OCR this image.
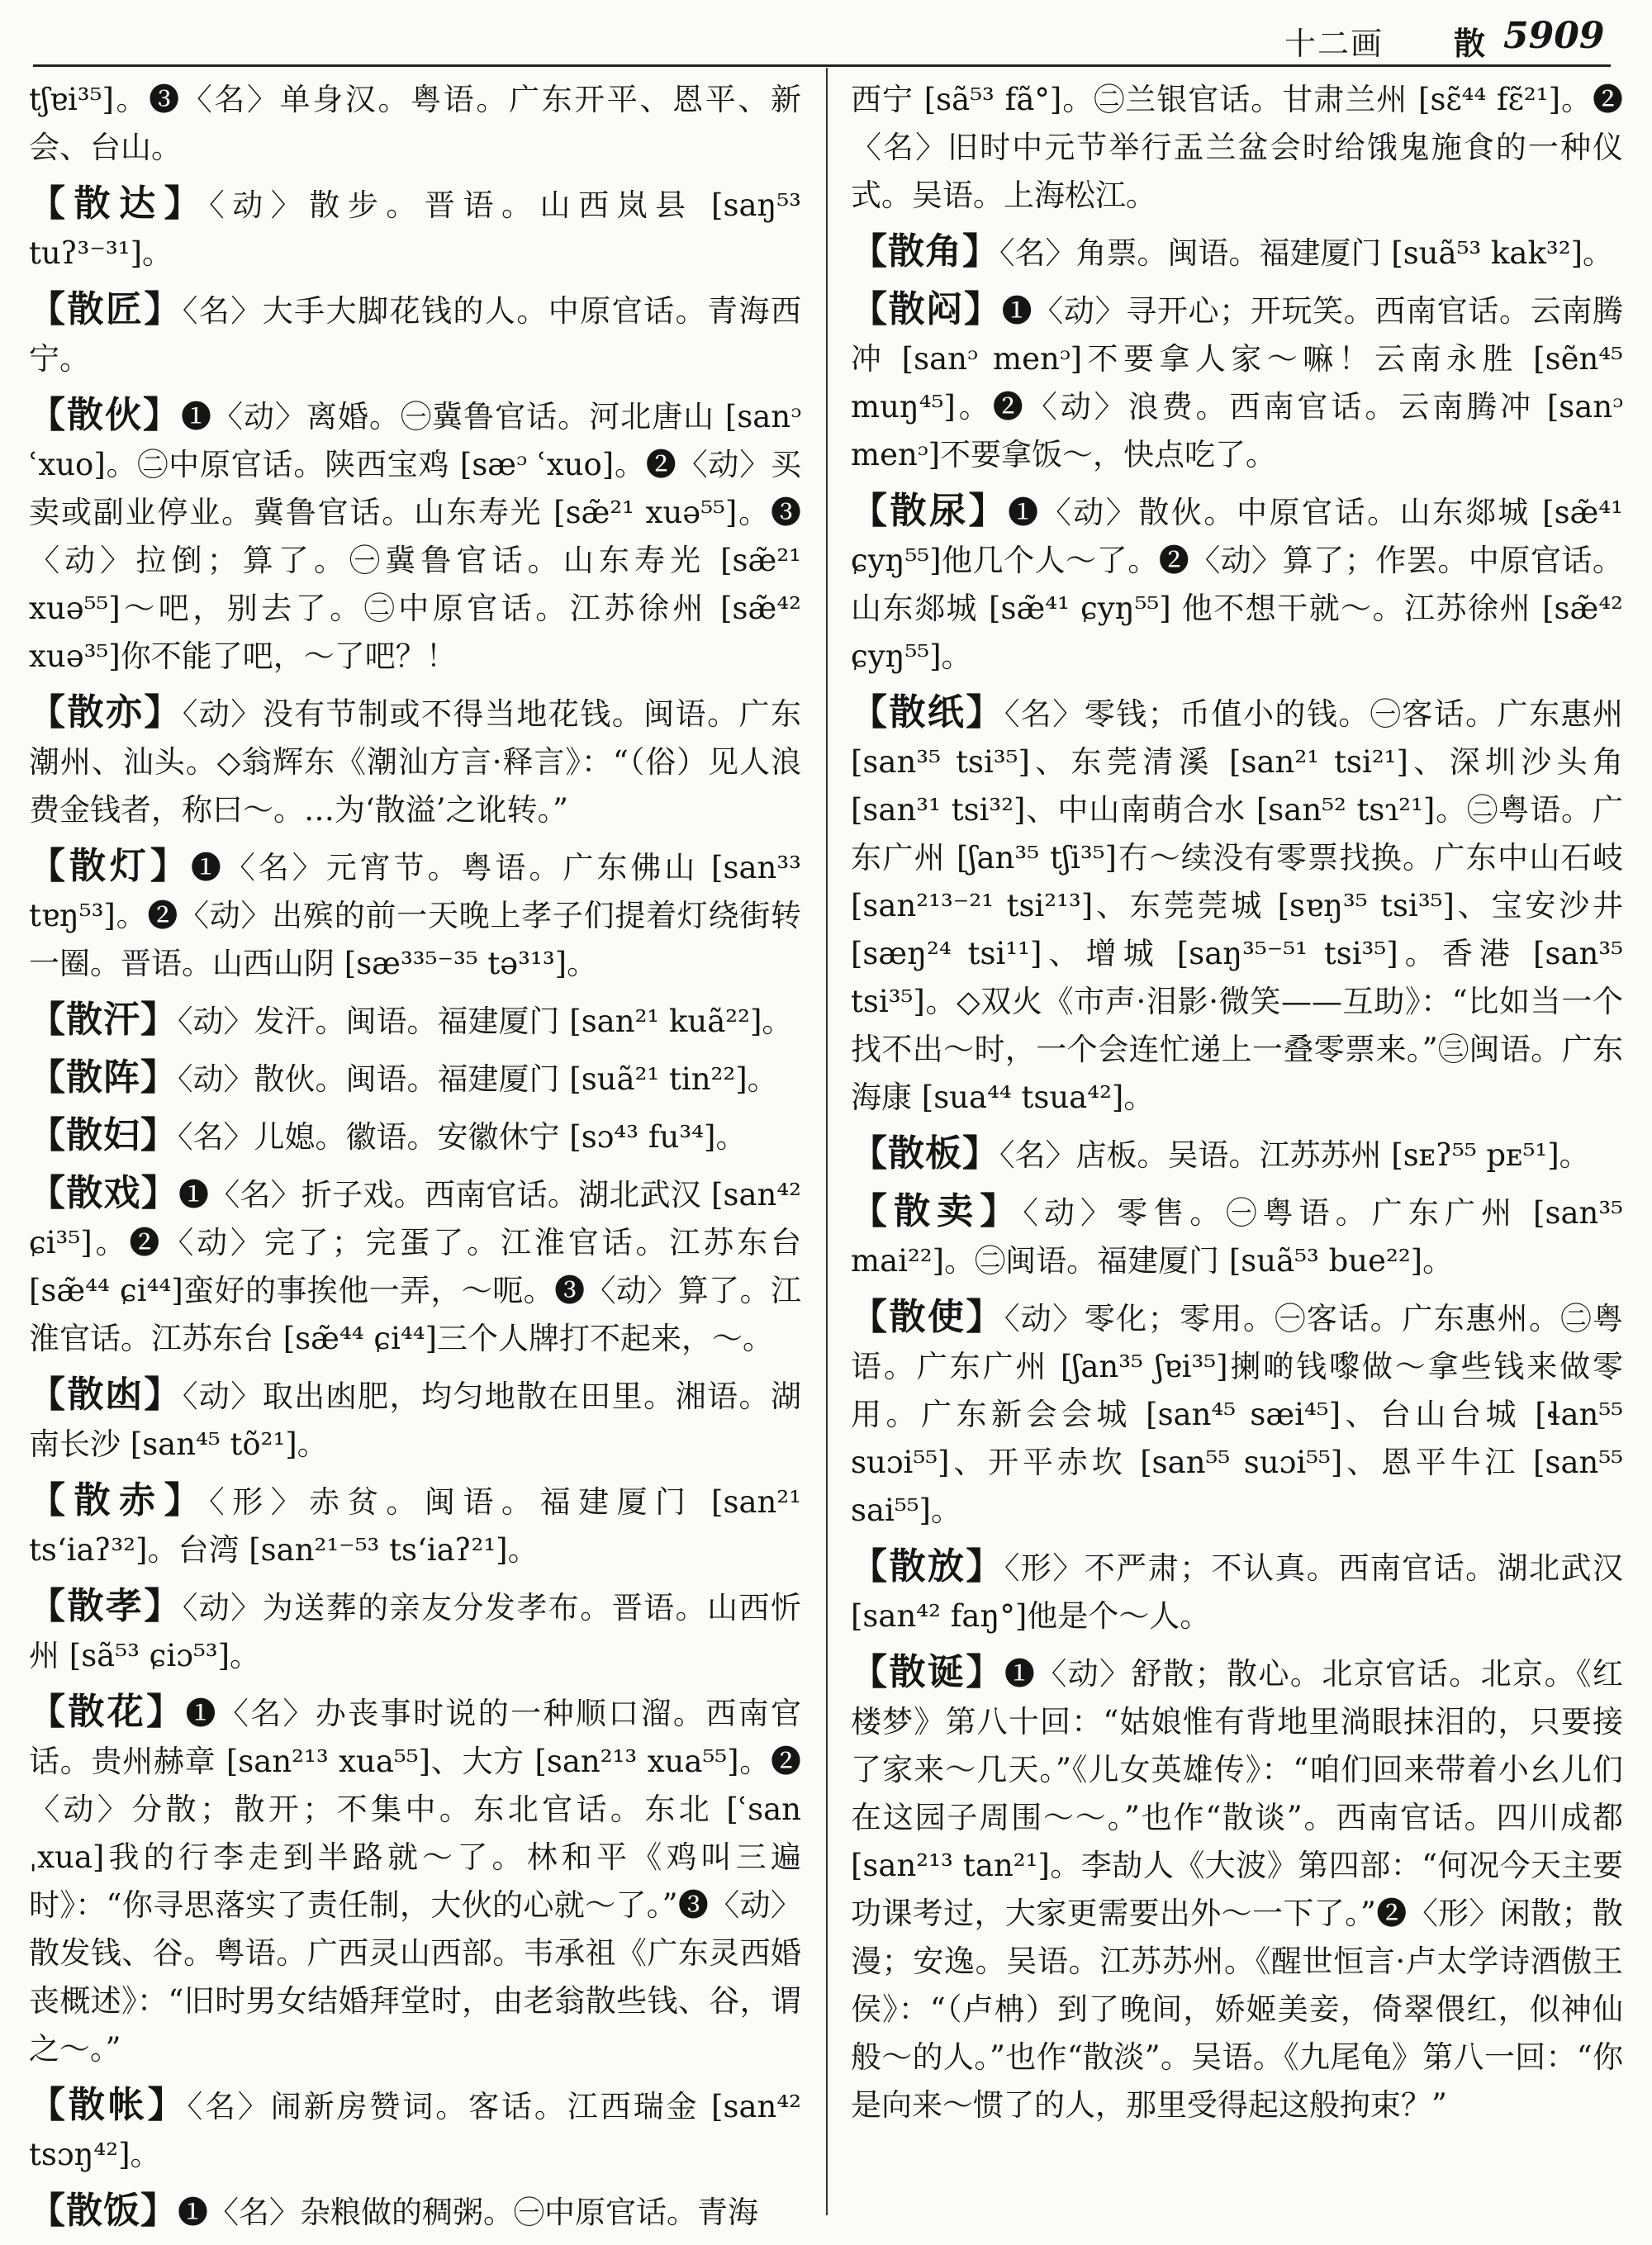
十二画 散 5909
tʃɐi³⁵]。❸〈名〉单身汉。粤语。广东开平、恩平、新会、台山。
【散达】〈动〉散步。晋语。山西岚县 [saŋ⁵³ tuʔ³⁻³¹]。
【散匠】〈名〉大手大脚花钱的人。中原官话。青海西宁。
【散伙】❶〈动〉离婚。㊀冀鲁官话。河北唐山 [sanᵓ ʿxuo]。㊁中原官话。陕西宝鸡 [sæᵓ ʿxuo]。❷〈动〉买卖或副业停业。冀鲁官话。山东寿光 [sæ̃²¹ xuə⁵⁵]。❸〈动〉拉倒；算了。㊀冀鲁官话。山东寿光 [sæ̃²¹ xuə⁵⁵]～吧，别去了。㊁中原官话。江苏徐州 [sæ̃⁴² xuə³⁵]你不能了吧，～了吧？！
【散亦】〈动〉没有节制或不得当地花钱。闽语。广东潮州、汕头。◇翁辉东《潮汕方言·释言》：“（俗）见人浪费金钱者，称曰～。…为‘散溢’之讹转。”
【散灯】❶〈名〉元宵节。粤语。广东佛山 [san³³ tɐŋ⁵³]。❷〈动〉出殡的前一天晚上孝子们提着灯绕街转一圈。晋语。山西山阴 [sæ³³⁵⁻³⁵ tə³¹³]。
【散汗】〈动〉发汗。闽语。福建厦门 [san²¹ kuã²²]。
【散阵】〈动〉散伙。闽语。福建厦门 [suã²¹ tin²²]。
【散妇】〈名〉儿媳。徽语。安徽休宁 [sɔ⁴³ fu³⁴]。
【散戏】❶〈名〉折子戏。西南官话。湖北武汉 [san⁴² ɕi³⁵]。❷〈动〉完了；完蛋了。江淮官话。江苏东台 [sæ̃⁴⁴ ɕi⁴⁴]蛮好的事挨他一弄，～呃。❸〈动〉算了。江淮官话。江苏东台 [sæ̃⁴⁴ ɕi⁴⁴]三个人牌打不起来，～。
【散凼】〈动〉取出凼肥，均匀地散在田里。湘语。湖南长沙 [san⁴⁵ tõ²¹]。
【散赤】〈形〉赤贫。闽语。福建厦门 [san²¹ tsʻiaʔ³²]。台湾 [san²¹⁻⁵³ tsʻiaʔ²¹]。
【散孝】〈动〉为送葬的亲友分发孝布。晋语。山西忻州 [sã⁵³ ɕiɔ⁵³]。
【散花】❶〈名〉办丧事时说的一种顺口溜。西南官话。贵州赫章 [san²¹³ xua⁵⁵]、大方 [san²¹³ xua⁵⁵]。❷〈动〉分散；散开；不集中。东北官话。东北 [ʿsan ˌxua]我的行李走到半路就～了。林和平《鸡叫三遍时》：“你寻思落实了责任制，大伙的心就～了。”❸〈动〉散发钱、谷。粤语。广西灵山西部。韦承祖《广东灵西婚丧概述》：“旧时男女结婚拜堂时，由老翁散些钱、谷，谓之～。”
【散帐】〈名〉闹新房赞词。客话。江西瑞金 [san⁴² tsɔŋ⁴²]。
【散饭】❶〈名〉杂粮做的稠粥。㊀中原官话。青海
西宁 [sã⁵³ fã°]。㊁兰银官话。甘肃兰州 [sɛ̃⁴⁴ fɛ̃²¹]。❷〈名〉旧时中元节举行盂兰盆会时给饿鬼施食的一种仪式。吴语。上海松江。
【散角】〈名〉角票。闽语。福建厦门 [suã⁵³ kak³²]。
【散闷】❶〈动〉寻开心；开玩笑。西南官话。云南腾冲 [sanᵓ menᵓ]不要拿人家～嘛！云南永胜 [sẽn⁴⁵ muŋ⁴⁵]。❷〈动〉浪费。西南官话。云南腾冲 [sanᵓ menᵓ]不要拿饭～，快点吃了。
【散尿】❶〈动〉散伙。中原官话。山东郯城 [sæ̃⁴¹ ɕyŋ⁵⁵]他几个人～了。❷〈动〉算了；作罢。中原官话。山东郯城 [sæ̃⁴¹ ɕyŋ⁵⁵] 他不想干就～。江苏徐州 [sæ̃⁴² ɕyŋ⁵⁵]。
【散纸】〈名〉零钱；币值小的钱。㊀客话。广东惠州 [san³⁵ tsi³⁵]、东莞清溪 [san²¹ tsi²¹]、深圳沙头角 [san³¹ tsi³²]、中山南萌合水 [san⁵² tsɿ²¹]。㊁粤语。广东广州 [ʃan³⁵ tʃi³⁵]冇～续没有零票找换。广东中山石岐 [san²¹³⁻²¹ tsi²¹³]、东莞莞城 [sɐŋ³⁵ tsi³⁵]、宝安沙井 [sæŋ²⁴ tsi¹¹]、增城 [saŋ³⁵⁻⁵¹ tsi³⁵]。香港 [san³⁵ tsi³⁵]。◇双火《市声·泪影·微笑——互助》：“比如当一个找不出～时，一个会连忙递上一叠零票来。”㊂闽语。广东海康 [sua⁴⁴ tsua⁴²]。
【散板】〈名〉店板。吴语。江苏苏州 [sᴇʔ⁵⁵ pᴇ⁵¹]。
【散卖】〈动〉零售。㊀粤语。广东广州 [san³⁵ mai²²]。㊁闽语。福建厦门 [suã⁵³ bue²²]。
【散使】〈动〉零化；零用。㊀客话。广东惠州。㊁粤语。广东广州 [ʃan³⁵ ʃɐi³⁵]揦啲钱嚟做～拿些钱来做零用。广东新会会城 [san⁴⁵ sæi⁴⁵]、台山台城 [ɬan⁵⁵ suɔi⁵⁵]、开平赤坎 [san⁵⁵ suɔi⁵⁵]、恩平牛江 [san⁵⁵ sai⁵⁵]。
【散放】〈形〉不严肃；不认真。西南官话。湖北武汉 [san⁴² faŋ°]他是个～人。
【散诞】❶〈动〉舒散；散心。北京官话。北京。《红楼梦》第八十回：“姑娘惟有背地里淌眼抹泪的，只要接了家来～几天。”《儿女英雄传》：“咱们回来带着小幺儿们在这园子周围～～。”也作“散谈”。西南官话。四川成都 [san²¹³ tan²¹]。李劼人《大波》第四部：“何况今天主要功课考过，大家更需要出外～一下了。”❷〈形〉闲散；散漫；安逸。吴语。江苏苏州。《醒世恒言·卢太学诗酒傲王侯》：“（卢柟）到了晚间，娇姬美妾，倚翠偎红，似神仙般～的人。”也作“散淡”。吴语。《九尾龟》第八一回：“你是向来～惯了的人，那里受得起这般拘束？”
